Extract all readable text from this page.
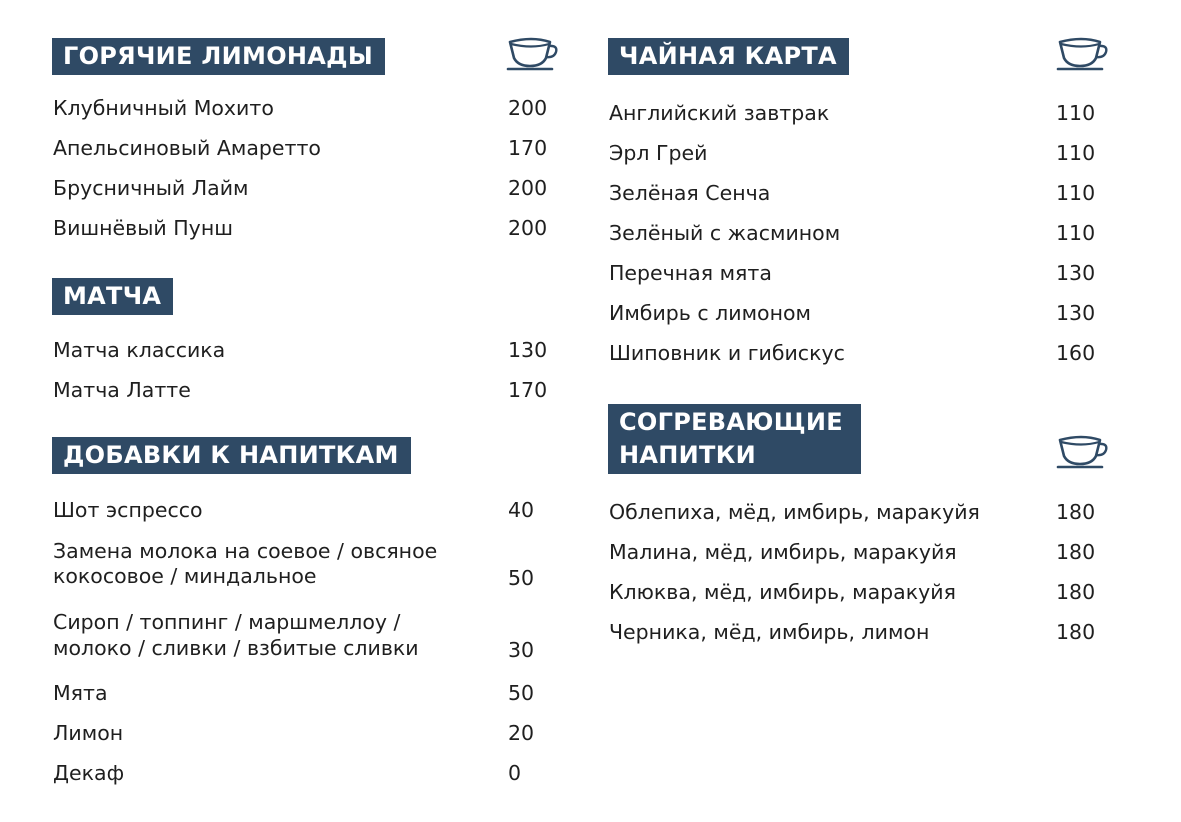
ГОРЯЧИЕ ЛИМОНАДЫ
Клубничный Мохито	200
Апельсиновый Амаретто	170
Брусничный Лайм	200
Вишнёвый Пунш	200
МАТЧА
Матча классика	130
Матча Латте	170
ДОБАВКИ К НАПИТКАМ
Шот эспрессо	40
Замена молока на соевое / овсяное
кокосовое / миндальное	50
Сироп / топпинг / маршмеллоу /
молоко / сливки / взбитые сливки	30
Мята	50
Лимон	20
Декаф	0
ЧАЙНАЯ КАРТА
Английский завтрак	110
Эрл Грей	110
Зелёная Сенча	110
Зелёный с жасмином	110
Перечная мята	130
Имбирь с лимоном	130
Шиповник и гибискус	160
СОГРЕВАЮЩИЕ
НАПИТКИ
Облепиха, мёд, имбирь, маракуйя	180
Малина, мёд, имбирь, маракуйя	180
Клюква, мёд, имбирь, маракуйя	180
Черника, мёд, имбирь, лимон	180
